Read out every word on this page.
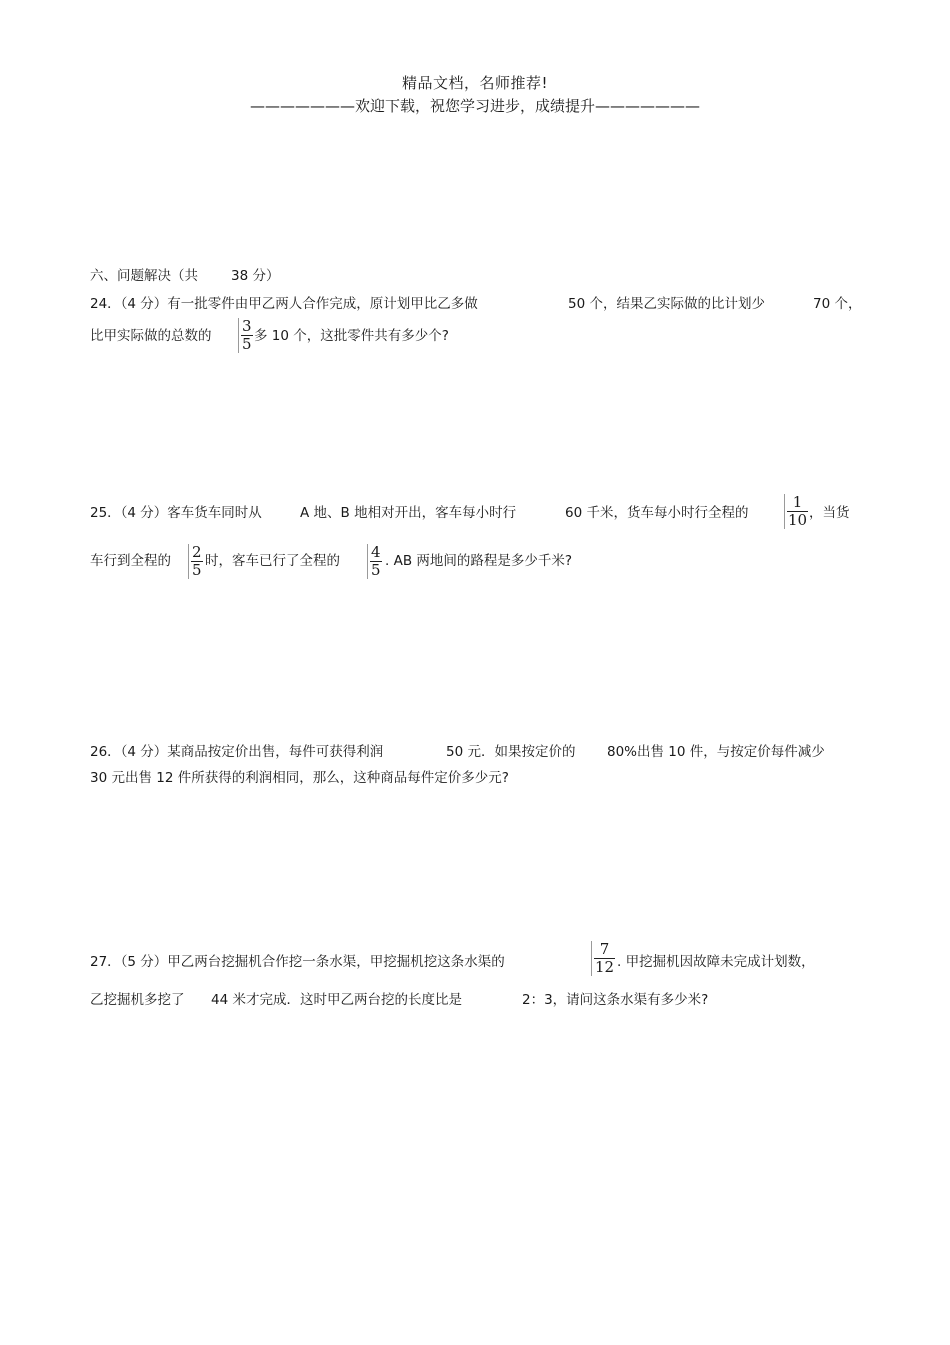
精品文档，名师推荐!
———————欢迎下载，祝您学习进步，成绩提升———————
六、问题解决（共 38 分）
24．（4 分）有一批零件由甲乙两人合作完成，原计划甲比乙多做	50 个，结果乙实际做的比计划少	70 个，
比甲实际做的总数的	多 10 个，这批零件共有多少个?
3
5
25．（4 分）客车货车同时从	A 地、B 地相对开出，客车每小时行	60 千米，货车每小时行全程的	，当货
1
10
车行到全程的	时，客车已行了全程的	. AB 两地间的路程是多少千米?
2
5
4
5
26．（4 分）某商品按定价出售，每件可获得利润	50 元．如果按定价的 80%出售 10 件，与按定价每件减少
30 元出售 12 件所获得的利润相同，那么，这种商品每件定价多少元?
27．（5 分）甲乙两台挖掘机合作挖一条水渠，甲挖掘机挖这条水渠的	. 甲挖掘机因故障未完成计划数，
7
12
乙挖掘机多挖了 44 米才完成．这时甲乙两台挖的长度比是	2：3，请问这条水渠有多少米?
